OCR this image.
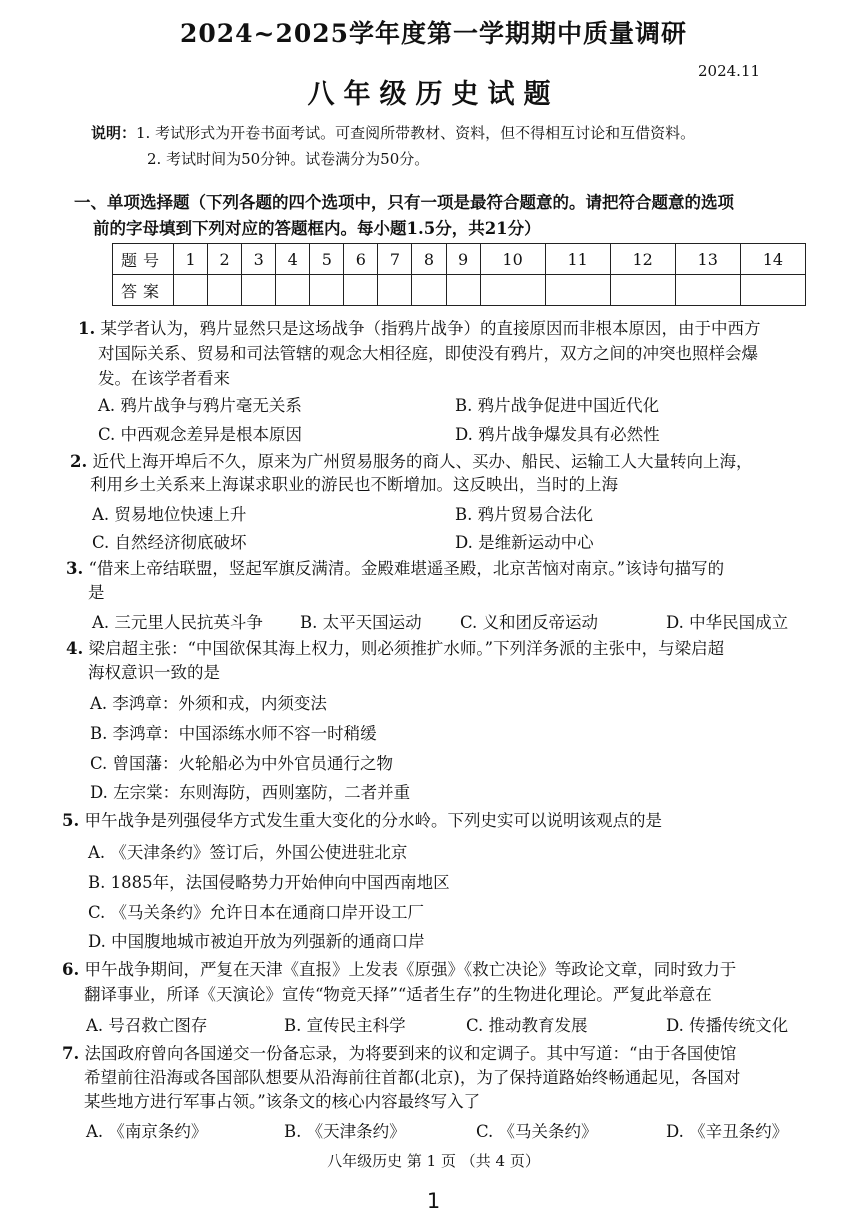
2024~2025学年度第一学期期中质量调研
2024.11
八年级历史试题
说明：1. 考试形式为开卷书面考试。可查阅所带教材、资料，但不得相互讨论和互借资料。
2. 考试时间为50分钟。试卷满分为50分。
一、单项选择题（下列各题的四个选项中，只有一项是最符合题意的。请把符合题意的选项
前的字母填到下列对应的答题框内。每小题1.5分，共21分）
题号	1	2	3	4	5	6	7	8	9	10	11	12	13	14
答案														
1. 某学者认为，鸦片显然只是这场战争（指鸦片战争）的直接原因而非根本原因，由于中西方
对国际关系、贸易和司法管辖的观念大相径庭，即使没有鸦片，双方之间的冲突也照样会爆
发。在该学者看来
A. 鸦片战争与鸦片毫无关系	B. 鸦片战争促进中国近代化
C. 中西观念差异是根本原因	D. 鸦片战争爆发具有必然性
2. 近代上海开埠后不久，原来为广州贸易服务的商人、买办、船民、运输工人大量转向上海，
利用乡土关系来上海谋求职业的游民也不断增加。这反映出，当时的上海
A. 贸易地位快速上升	B. 鸦片贸易合法化
C. 自然经济彻底破坏	D. 是维新运动中心
3. “借来上帝结联盟，竖起军旗反满清。金殿难堪遥圣殿，北京苦恼对南京。”该诗句描写的
是
A. 三元里人民抗英斗争 B. 太平天国运动 C. 义和团反帝运动	D. 中华民国成立
4. 梁启超主张：“中国欲保其海上权力，则必须推扩水师。”下列洋务派的主张中，与梁启超
海权意识一致的是
A. 李鸿章：外须和戎，内须变法
B. 李鸿章：中国添练水师不容一时稍缓
C. 曾国藩：火轮船必为中外官员通行之物
D. 左宗棠：东则海防，西则塞防，二者并重
5. 甲午战争是列强侵华方式发生重大变化的分水岭。下列史实可以说明该观点的是
A. 《天津条约》签订后，外国公使进驻北京
B. 1885年，法国侵略势力开始伸向中国西南地区
C. 《马关条约》允许日本在通商口岸开设工厂
D. 中国腹地城市被迫开放为列强新的通商口岸
6. 甲午战争期间，严复在天津《直报》上发表《原强》《救亡决论》等政论文章，同时致力于
翻译事业，所译《天演论》宣传“物竞天择”“适者生存”的生物进化理论。严复此举意在
A. 号召救亡图存	B. 宣传民主科学	C. 推动教育发展	D. 传播传统文化
7. 法国政府曾向各国递交一份备忘录，为将要到来的议和定调子。其中写道：“由于各国使馆
希望前往沿海或各国部队想要从沿海前往首都(北京)，为了保持道路始终畅通起见，各国对
某些地方进行军事占领。”该条文的核心内容最终写入了
A. 《南京条约》	B. 《天津条约》	C. 《马关条约》	D. 《辛丑条约》
八年级历史 第 1 页 （共 4 页）
1
